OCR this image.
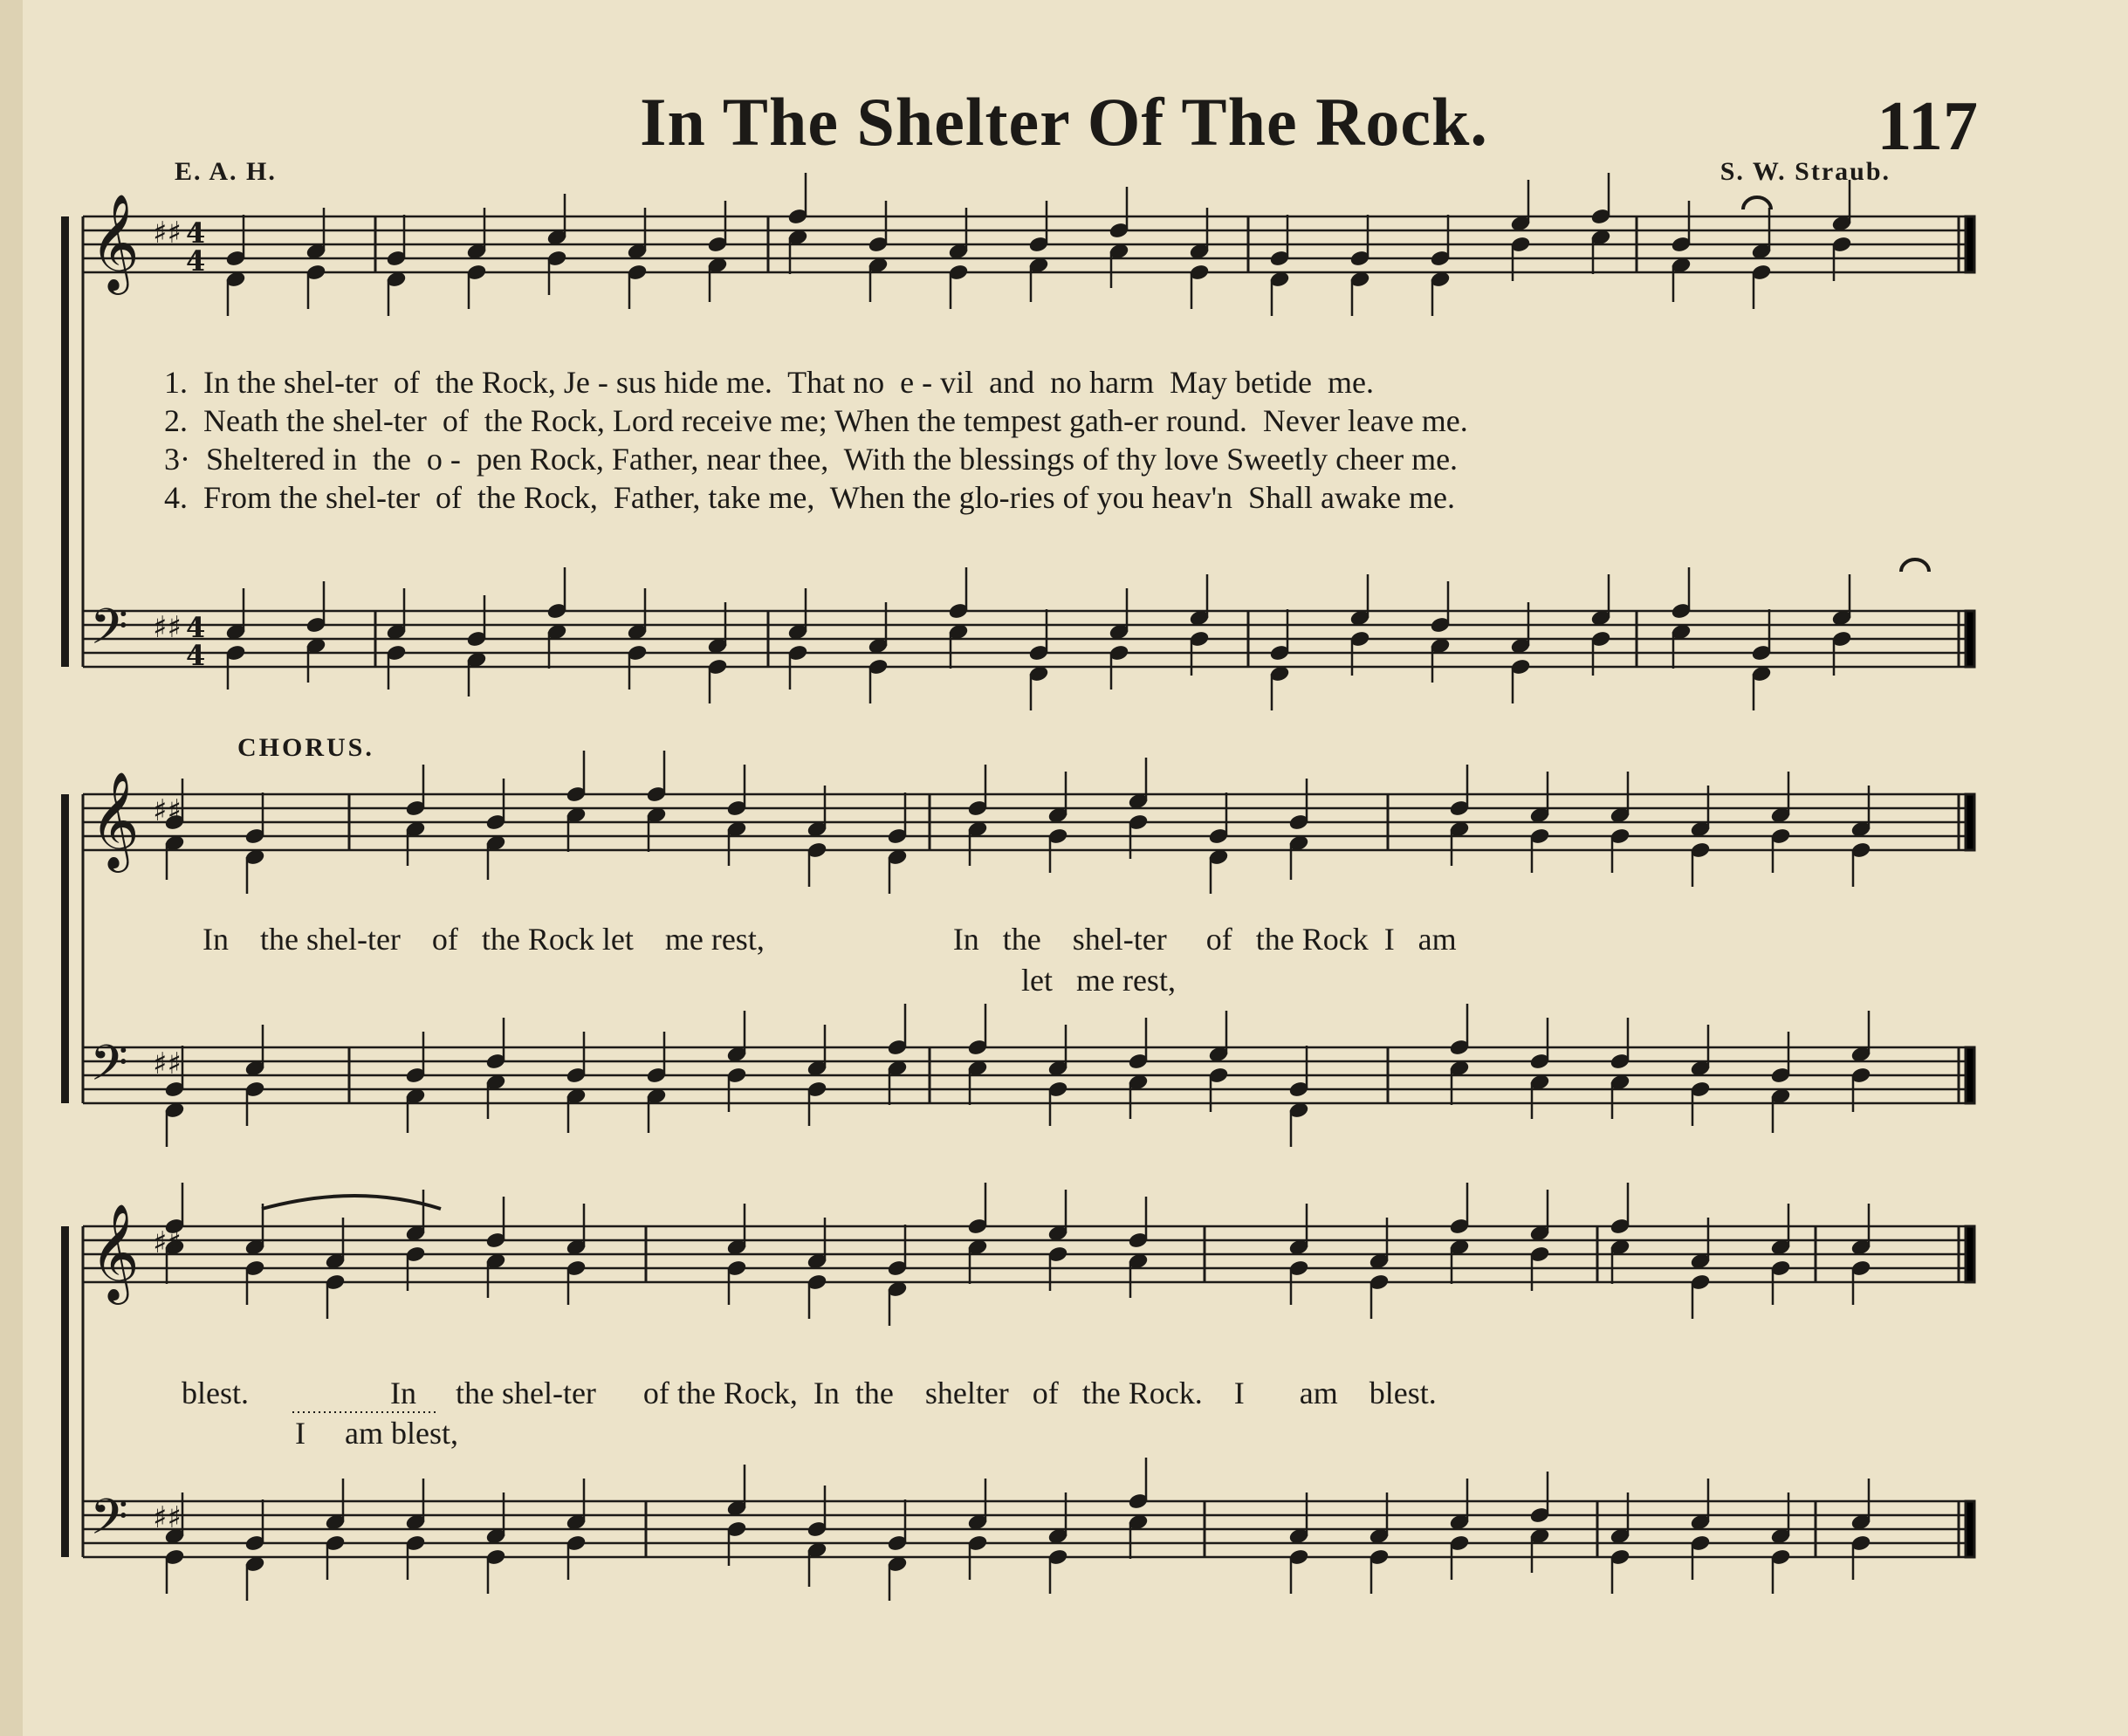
In The Shelter Of The Rock.	117
E. A. H.	S. W. Straub.
𝄞 ♯♯ 4
4
𝄢 ♯♯ 4
4
𝄞 ♯♯
𝄢 ♯♯
𝄞 ♯♯
𝄢 ♯♯
1.  In the shel-ter  of  the Rock, Je - sus hide me.  That no  e - vil  and  no harm  May betide  me.
2.  Neath the shel-ter  of  the Rock, Lord receive me; When the tempest gath-er round.  Never leave me.
3·  Sheltered in  the  o -  pen Rock, Father, near thee,  With the blessings of thy love Sweetly cheer me.
4.  From the shel-ter  of  the Rock,  Father, take me,  When the glo-ries of you heav'n  Shall awake me.
CHORUS.
In    the shel-ter    of   the Rock let    me rest,                        In   the    shel-ter     of   the Rock  I   am
let   me rest,
blest.                  In     the shel-ter      of the Rock,  In  the    shelter   of   the Rock.    I       am    blest.
I     am blest,
